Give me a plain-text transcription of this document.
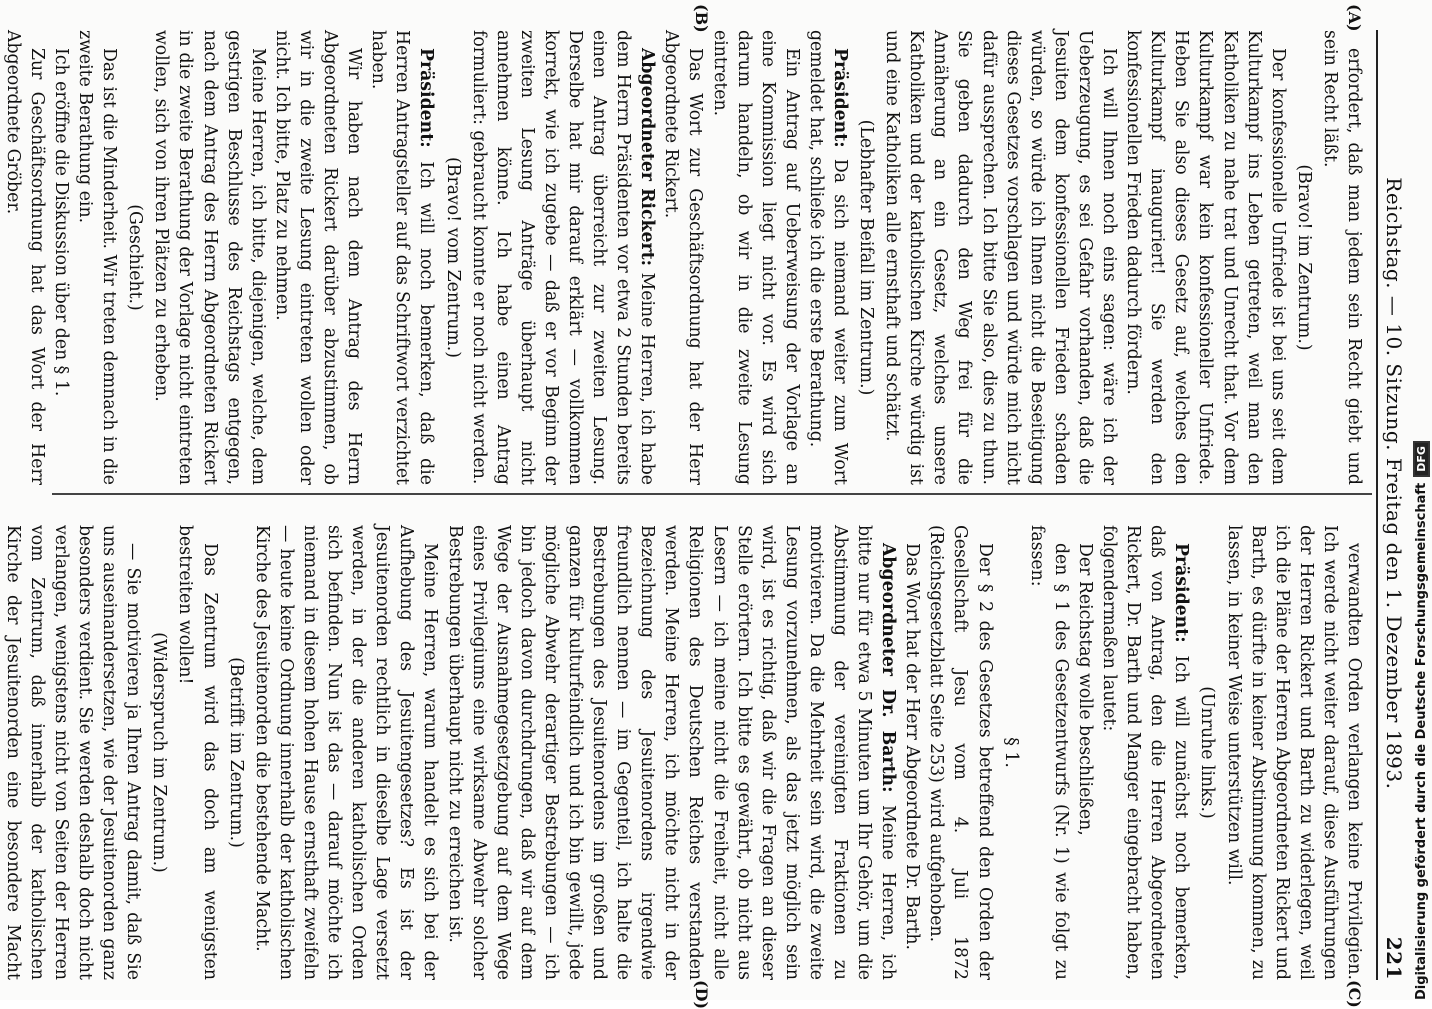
Reichstag. — 10. Sitzung. Freitag den 1. Dezember 1893.
221
(A)
(B)
(C)
(D)

erfordert, daß man jedem sein Recht giebt und sein Recht läßt.

(Bravo! im Zentrum.)

Der konfessionelle Unfriede ist bei uns seit dem Kulturkampf ins Leben getreten, weil man den Katholiken zu nahe trat und Unrecht that. Vor dem Kulturkampf war kein konfessioneller Unfriede. Heben Sie also dieses Gesetz auf, welches den Kulturkampf inauguriert! Sie werden den konfessionellen Frieden dadurch fördern.

Ich will Ihnen noch eins sagen: wäre ich der Ueberzeugung, es sei Gefahr vorhanden, daß die Jesuiten dem konfessionellen Frieden schaden würden, so würde ich Ihnen nicht die Beseitigung dieses Gesetzes vorschlagen und würde mich nicht dafür aussprechen. Ich bitte Sie also, dies zu thun. Sie geben dadurch den Weg frei für die Annäherung an ein Gesetz, welches unsere Katholiken und der katholischen Kirche würdig ist und eine Katholiken alle ernsthaft und schätzt.

(Lebhafter Beifall im Zentrum.)

Präsident: Da sich niemand weiter zum Wort gemeldet hat, schließe ich die erste Berathung.

Ein Antrag auf Ueberweisung der Vorlage an eine Kommission liegt nicht vor. Es wird sich darum handeln, ob wir in die zweite Lesung eintreten.

Das Wort zur Geschäftsordnung hat der Herr Abgeordnete Rickert.

Abgeordneter Rickert: Meine Herren, ich habe dem Herrn Präsidenten vor etwa 2 Stunden bereits einen Antrag überreicht zur zweiten Lesung. Derselbe hat mir darauf erklärt — vollkommen korrekt, wie ich zugebe — daß er vor Beginn der zweiten Lesung Anträge überhaupt nicht annehmen könne. Ich habe einen Antrag formuliert: gebraucht konnte er noch nicht werden.

(Bravo! vom Zentrum.)

Präsident: Ich will noch bemerken, daß die Herren Antragsteller auf das Schriftwort verzichtet haben.

Wir haben nach dem Antrag des Herrn Abgeordneten Rickert darüber abzustimmen, ob wir in die zweite Lesung eintreten wollen oder nicht. Ich bitte, Platz zu nehmen.

Meine Herren, ich bitte, diejenigen, welche, dem gestrigen Beschlusse des Reichstags entgegen, nach dem Antrag des Herrn Abgeordneten Rickert in die zweite Berathung der Vorlage nicht eintreten wollen, sich von ihren Plätzen zu erheben.

(Geschieht.)

Das ist die Minderheit. Wir treten demnach in die zweite Berathung ein.

Ich eröffne die Diskussion über den § 1.

Zur Geschäftsordnung hat das Wort der Herr Abgeordnete Gröber.

verwandten Orden verlangen keine Privilegien. Ich werde nicht weiter darauf, diese Ausführungen der Herren Rickert und Barth zu widerlegen, weil ich die Pläne der Herren Abgeordneten Rickert und Barth, es dürfte in keiner Abstimmung kommen, zu lassen, in keiner Weise unterstützen will.

(Unruhe links.)

Präsident: Ich will zunächst noch bemerken, daß von Antrag, den die Herren Abgeordneten Rickert, Dr. Barth und Manger eingebracht haben, folgendermaßen lautet:

Der Reichstag wolle beschließen,

den § 1 des Gesetzentwurfs (Nr. 1) wie folgt zu fassen:

§ 1.

Der § 2 des Gesetzes betreffend den Orden der Gesellschaft Jesu vom 4. Juli 1872 (Reichsgesetzblatt Seite 253) wird aufgehoben.

Das Wort hat der Herr Abgeordnete Dr. Barth.

Abgeordneter Dr. Barth: Meine Herren, ich bitte nur für etwa 5 Minuten um Ihr Gehör, um die Abstimmung der vereinigten Fraktionen zu motivieren. Da die Mehrheit sein wird, die zweite Lesung vorzunehmen, als das jetzt möglich sein wird, ist es richtig, daß wir die Fragen an dieser Stelle erörtern. Ich bitte es gewährt, ob nicht aus Lesern — ich meine nicht die Freiheit, nicht alle Religionen des Deutschen Reiches verstanden werden. Meine Herren, ich möchte nicht in der Bezeichnung des Jesuitenordens irgendwie freundlich nennen — im Gegenteil, ich halte die Bestrebungen des Jesuitenordens im großen und ganzen für kulturfeindlich und ich bin gewillt, jede mögliche Abwehr derartiger Bestrebungen — ich bin jedoch davon durchdrungen, daß wir auf dem Wege der Ausnahmegesetzgebung auf dem Wege eines Privilegiums eine wirksame Abwehr solcher Bestrebungen überhaupt nicht zu erreichen ist.

Meine Herren, warum handelt es sich bei der Aufhebung des Jesuitengesetzes? Es ist der Jesuitenorden rechtlich in dieselbe Lage versetzt werden, in der die anderen katholischen Orden sich befinden. Nun ist das — darauf möchte ich niemand in diesem hohen Hause ernsthaft zweifeln — heute keine Ordnung innerhalb der katholischen Kirche des Jesuitenorden die bestehende Macht.

(Betrifft im Zentrum.)

Das Zentrum wird das doch am wenigsten bestreiten wollen!

(Widerspruch im Zentrum.)

— Sie motivieren ja Ihren Antrag damit, daß Sie uns auseinandersetzen, wie der Jesuitenorden ganz besonders verdient. Sie werden deshalb doch nicht verlangen, wenigstens nicht von Seiten der Herren vom Zentrum, daß innerhalb der katholischen Kirche der Jesuitenorden eine besondere Macht	Digitalisierung gefördert durch die Deutsche Forschungsgemeinschaft
DFG
